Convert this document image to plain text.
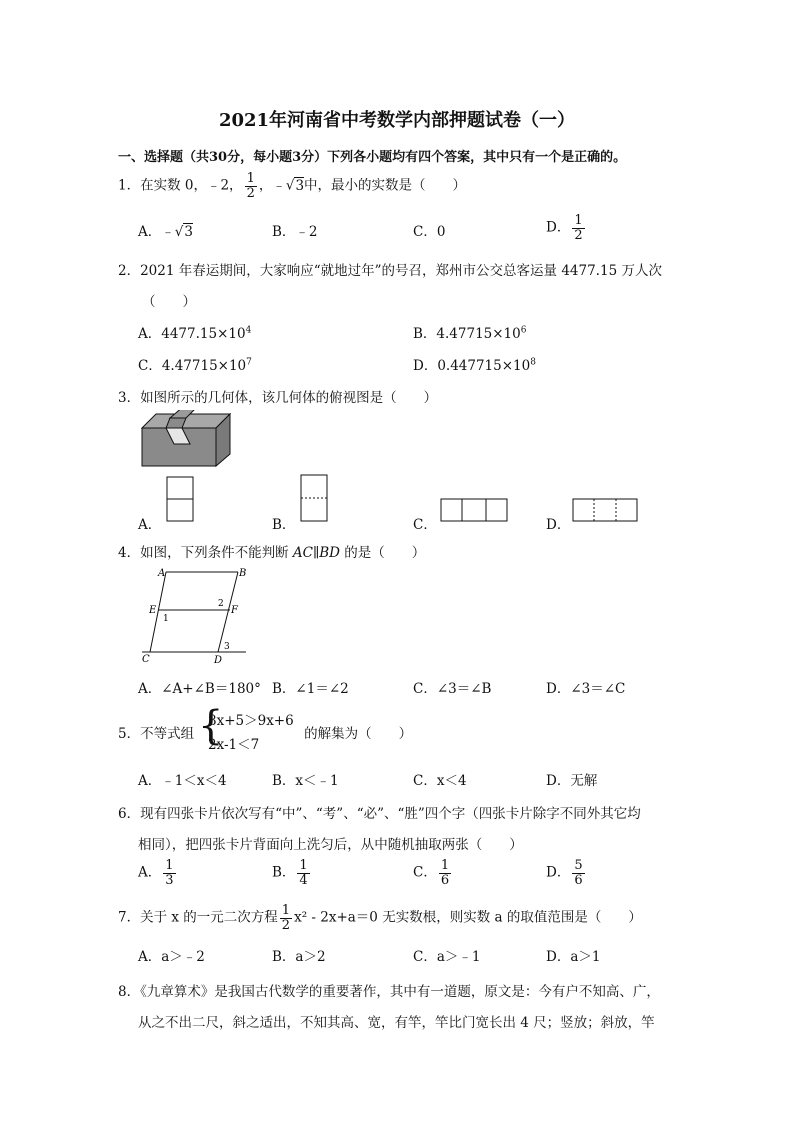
2021年河南省中考数学内部押题试卷（一）
一、选择题（共30分，每小题3分）下列各小题均有四个答案，其中只有一个是正确的。
1．在实数 0，﹣2， $\frac{1}{2}$ ，﹣√3中，最小的实数是（　　）
A．﹣√3	B．﹣2	C．0	D． $\frac{1}{2}$
2．2021 年春运期间，大家响应“就地过年”的号召，郑州市公交总客运量 4477.15 万人次
（　　）
A．$4477.15\times 10^4$	B．$4.47715\times 10^6$
C．$4.47715\times 10^7$	D．$0.447715\times 10^8$
3．如图所示的几何体，该几何体的俯视图是（　　）
A．	B．	C．	D．
4．如图，下列条件不能判断 AC∥BD 的是（　　）
A	B
E	F
C	D
1
2
3
A．∠A+∠B＝180° B．∠1＝∠2	C．∠3＝∠B	D．∠3＝∠C
5．不等式组	的解集为（　　）
{
8x+5＞9x+6
2x-1＜7
A．﹣1＜x＜4	B．x＜﹣1	C．x＜4	D．无解
6．现有四张卡片依次写有“中”、“考”、“必”、“胜”四个字（四张卡片除字不同外其它均
相同），把四张卡片背面向上洗匀后，从中随机抽取两张（　　）
A． $\frac{1}{3}$	B． $\frac{1}{4}$	C． $\frac{1}{6}$	D． $\frac{5}{6}$
7．关于 x 的一元二次方程 $\frac{1}{2} x^2 - 2x+a=0$ 无实数根，则实数 a 的取值范围是（　　）
A．a＞﹣2	B．a＞2	C．a＞﹣1	D．a＞1
8．《九章算术》是我国古代数学的重要著作，其中有一道题，原文是：今有户不知高、广，
从之不出二尺，斜之适出，不知其高、宽，有竿，竿比门宽长出 4 尺；竖放；斜放，竿
